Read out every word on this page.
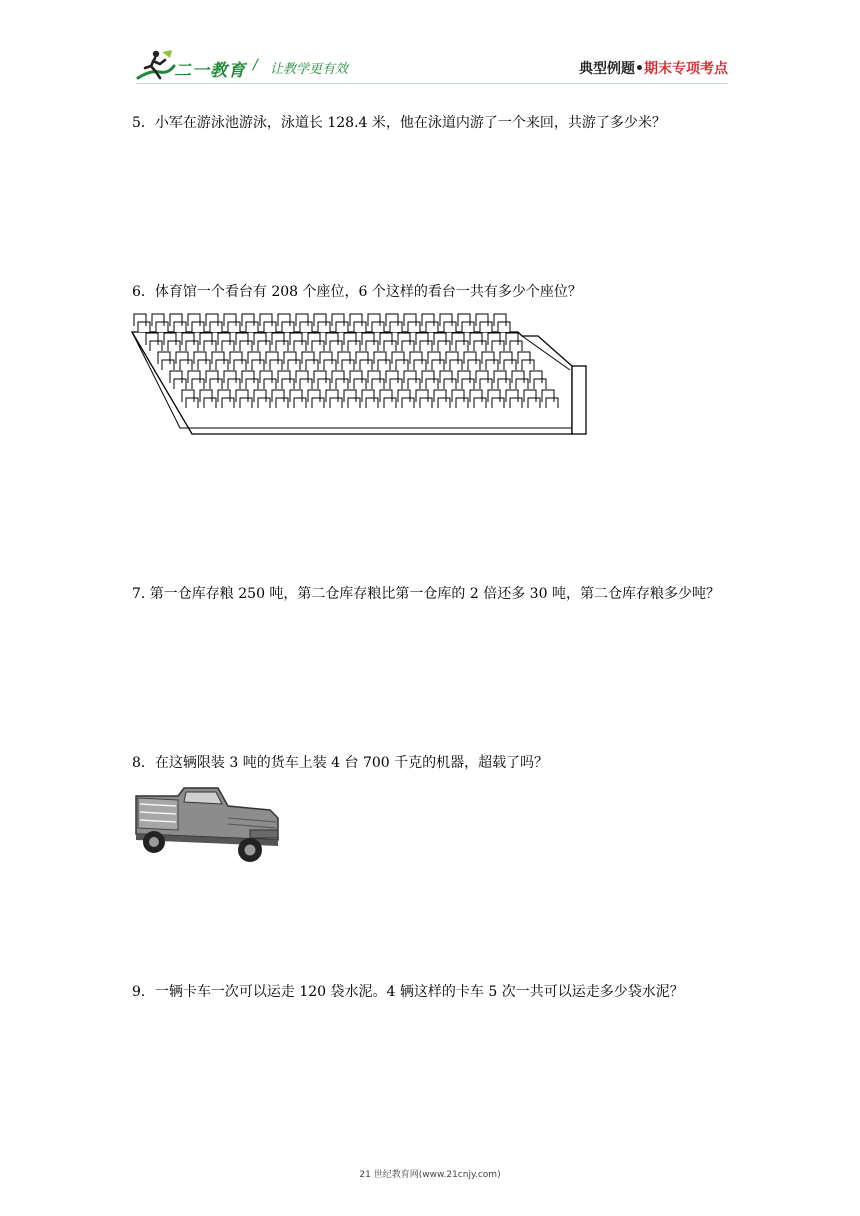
二一教育 / 让教学更有效	典型例题•期末专项考点
5．小军在游泳池游泳，泳道长 128.4 米，他在泳道内游了一个来回，共游了多少米？
6．体育馆一个看台有 208 个座位，6 个这样的看台一共有多少个座位？
7. 第一仓库存粮 250 吨，第二仓库存粮比第一仓库的 2 倍还多 30 吨，第二仓库存粮多少吨？
8．在这辆限装 3 吨的货车上装 4 台 700 千克的机器，超载了吗？
9．一辆卡车一次可以运走 120 袋水泥。4 辆这样的卡车 5 次一共可以运走多少袋水泥？
21 世纪教育网(www.21cnjy.com)
